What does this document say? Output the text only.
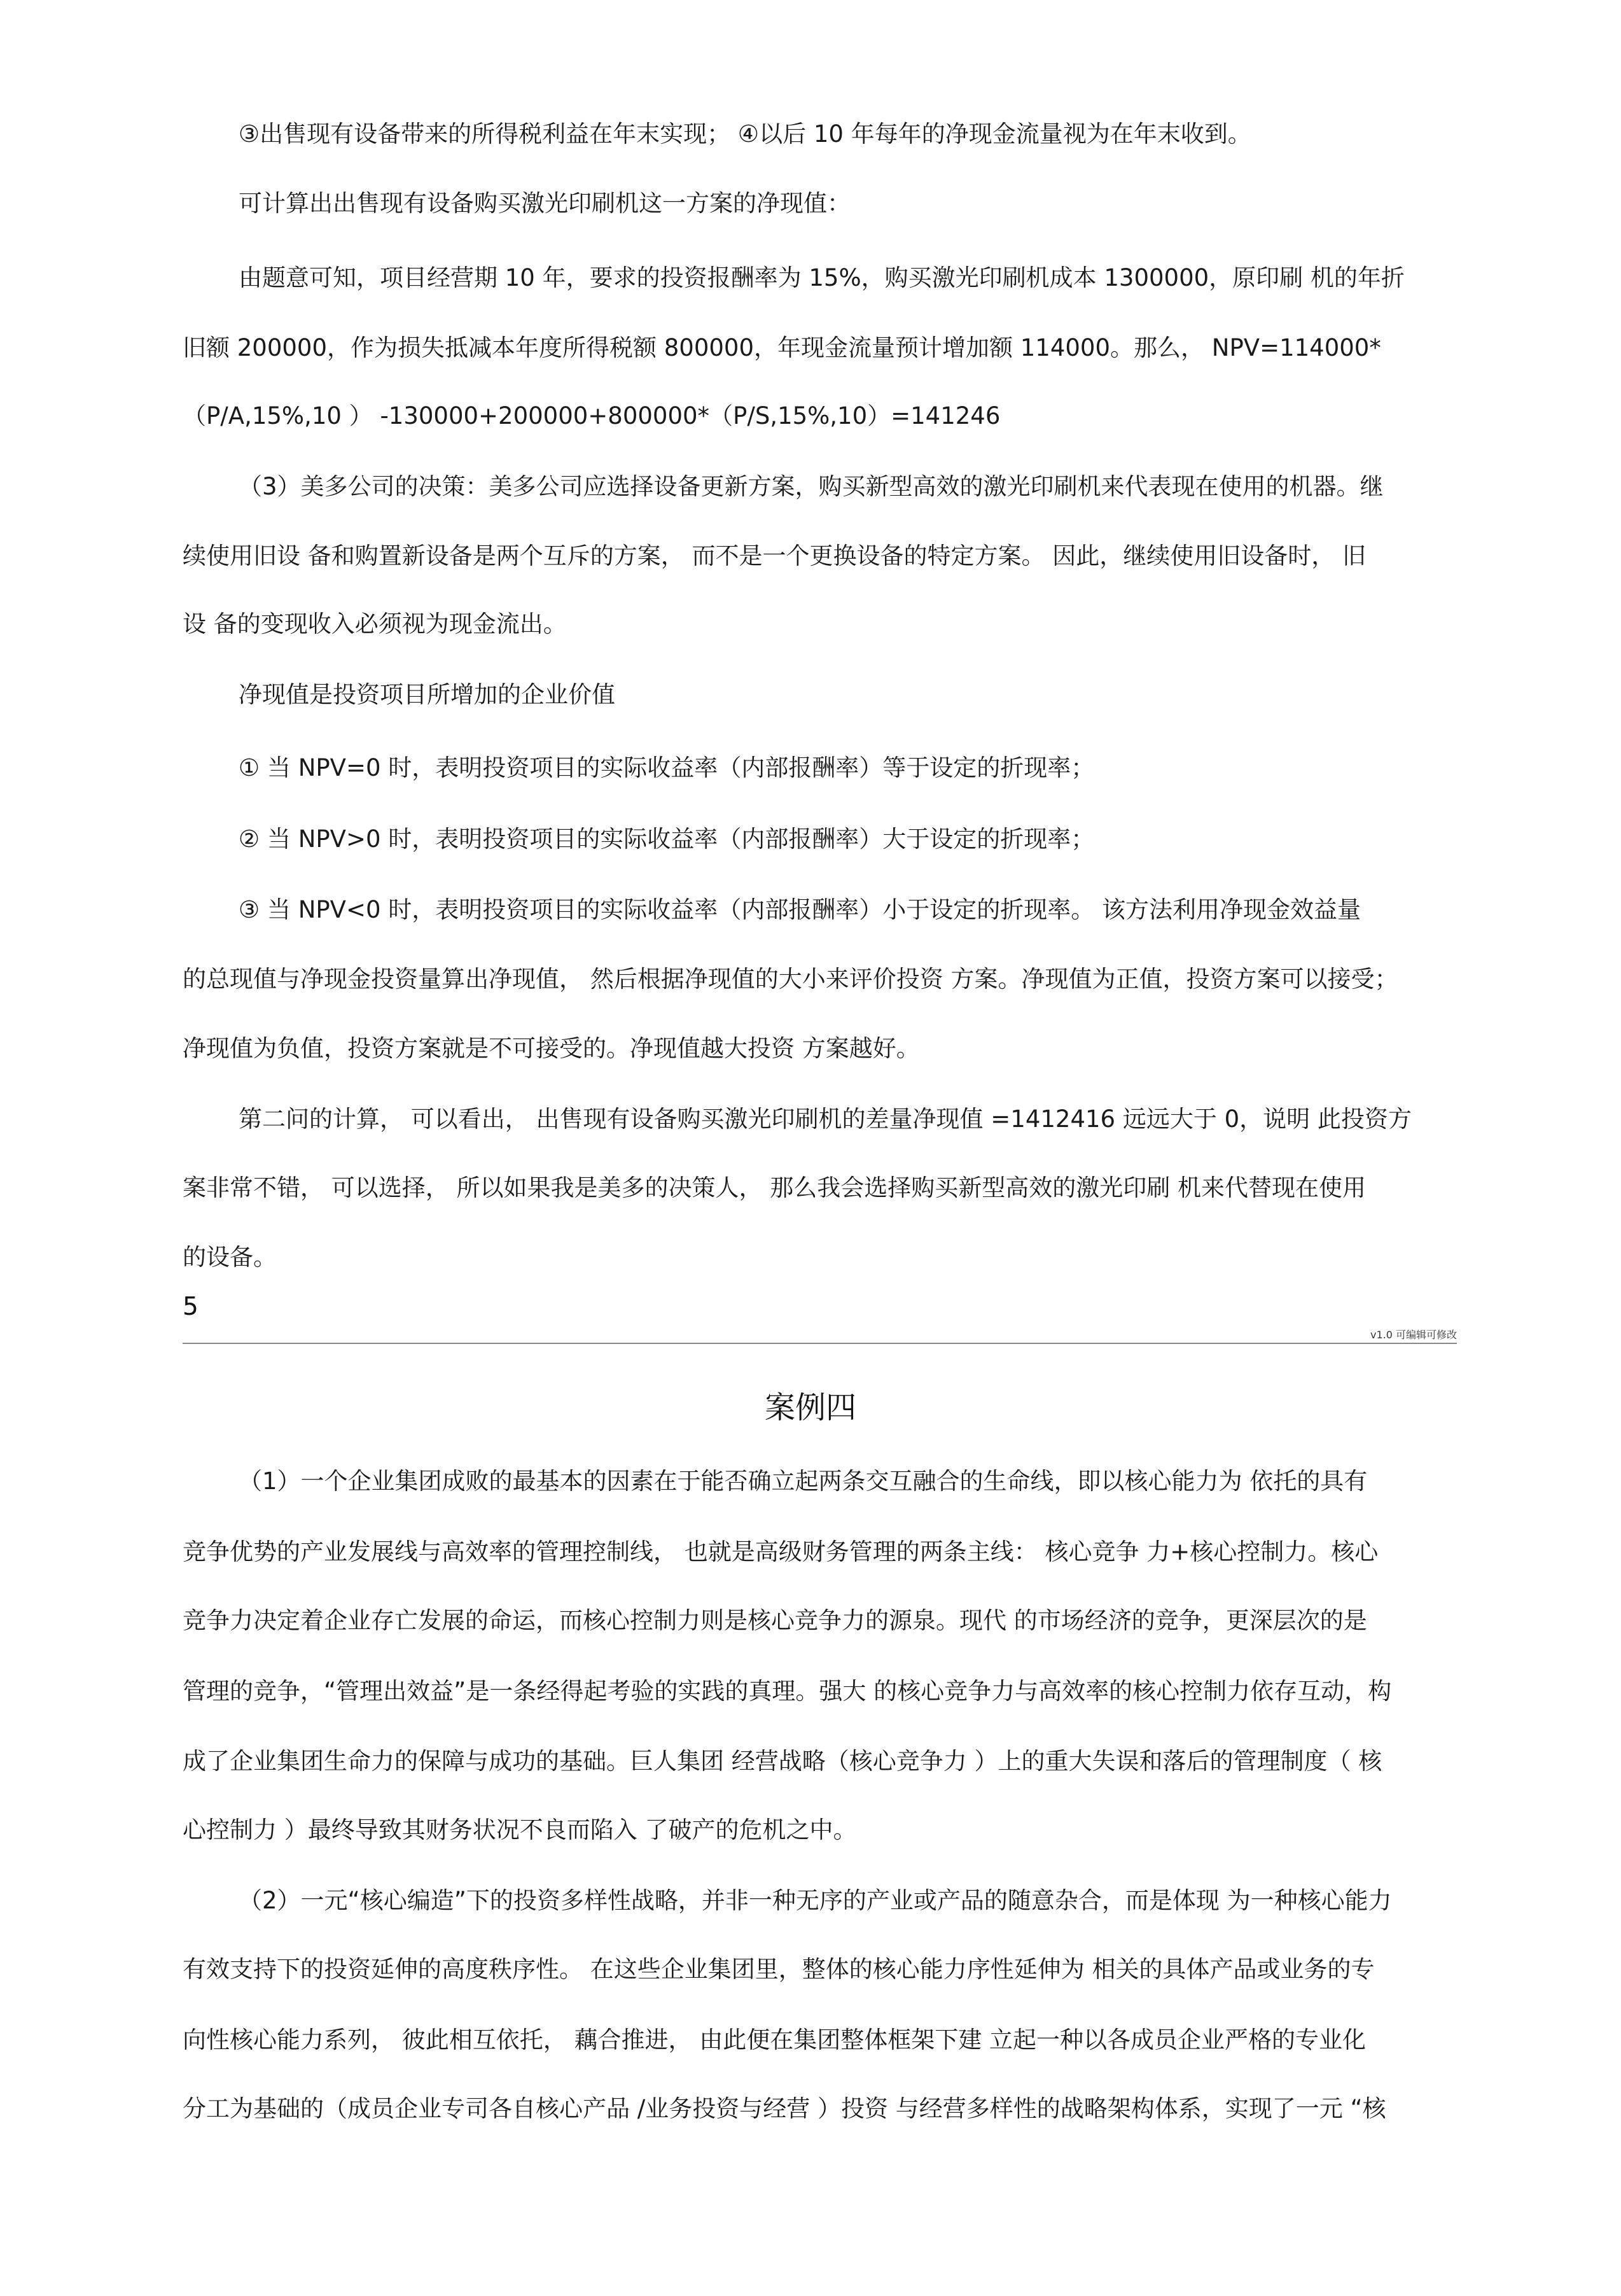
③出售现有设备带来的所得税利益在年末实现； ④以后 10 年每年的净现金流量视为在年末收到。

可计算出出售现有设备购买激光印刷机这一方案的净现值：

由题意可知，项目经营期 10 年，要求的投资报酬率为 15%，购买激光印刷机成本 1300000，原印刷 机的年折

旧额 200000，作为损失抵减本年度所得税额 800000，年现金流量预计增加额 114000。那么， NPV=114000*

（P/A,15%,10 ） -130000+200000+800000*（P/S,15%,10）=141246

（3）美多公司的决策：美多公司应选择设备更新方案，购买新型高效的激光印刷机来代表现在使用的机器。继

续使用旧设 备和购置新设备是两个互斥的方案， 而不是一个更换设备的特定方案。 因此，继续使用旧设备时， 旧

设 备的变现收入必须视为现金流出。

净现值是投资项目所增加的企业价值

① 当 NPV=0 时，表明投资项目的实际收益率（内部报酬率）等于设定的折现率；

② 当 NPV>0 时，表明投资项目的实际收益率（内部报酬率）大于设定的折现率；

③ 当 NPV<0 时，表明投资项目的实际收益率（内部报酬率）小于设定的折现率。 该方法利用净现金效益量

的总现值与净现金投资量算出净现值， 然后根据净现值的大小来评价投资 方案。净现值为正值，投资方案可以接受；

净现值为负值，投资方案就是不可接受的。净现值越大投资 方案越好。

第二问的计算， 可以看出， 出售现有设备购买激光印刷机的差量净现值 =1412416 远远大于 0，说明 此投资方

案非常不错， 可以选择， 所以如果我是美多的决策人， 那么我会选择购买新型高效的激光印刷 机来代替现在使用

的设备。

5
v1.0 可编辑可修改
案例四

（1）一个企业集团成败的最基本的因素在于能否确立起两条交互融合的生命线，即以核心能力为 依托的具有

竞争优势的产业发展线与高效率的管理控制线， 也就是高级财务管理的两条主线： 核心竞争 力+核心控制力。核心

竞争力决定着企业存亡发展的命运，而核心控制力则是核心竞争力的源泉。现代 的市场经济的竞争，更深层次的是

管理的竞争，“管理出效益”是一条经得起考验的实践的真理。强大 的核心竞争力与高效率的核心控制力依存互动，构

成了企业集团生命力的保障与成功的基础。巨人集团 经营战略（核心竞争力 ）上的重大失误和落后的管理制度（ 核

心控制力 ）最终导致其财务状况不良而陷入 了破产的危机之中。

（2）一元“核心编造”下的投资多样性战略，并非一种无序的产业或产品的随意杂合，而是体现 为一种核心能力

有效支持下的投资延伸的高度秩序性。 在这些企业集团里，整体的核心能力序性延伸为 相关的具体产品或业务的专

向性核心能力系列， 彼此相互依托， 藕合推进， 由此便在集团整体框架下建 立起一种以各成员企业严格的专业化

分工为基础的（成员企业专司各自核心产品 /业务投资与经营 ）投资 与经营多样性的战略架构体系，实现了一元 “核
